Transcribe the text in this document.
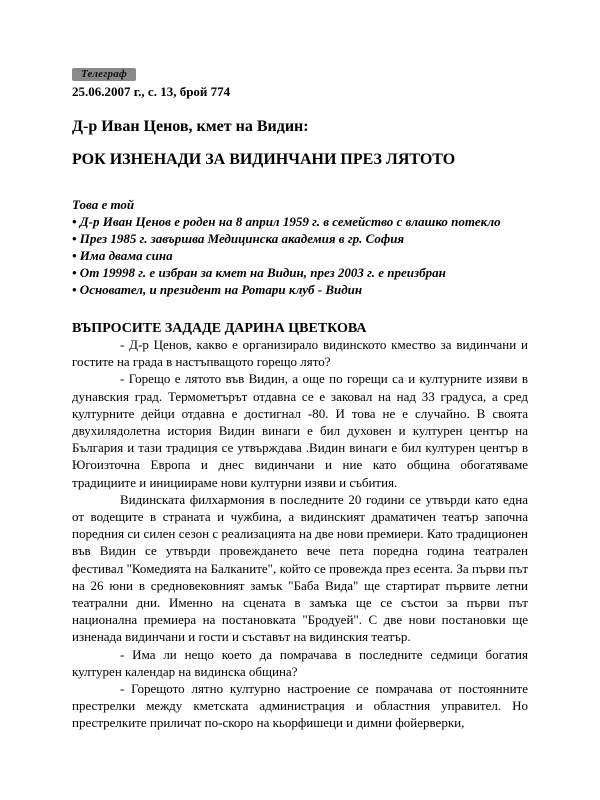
Телеграф
25.06.2007 г., с. 13, брой 774
Д-р Иван Ценов, кмет на Видин:
РОК ИЗНЕНАДИ ЗА ВИДИНЧАНИ ПРЕЗ ЛЯТОТО
Това е той
• Д-р Иван Ценов е роден на 8 април 1959 г. в семейство с влашко потекло
• През 1985 г. завършва Медицинска академия в гр. София
• Има двама сина
• От 19998 г. е избран за кмет на Видин, през 2003 г. е преизбран
• Основател, и президент на Ротари клуб - Видин
ВЪПРОСИТЕ ЗАДАДЕ ДАРИНА ЦВЕТКОВА

- Д-р Ценов, какво е организирало видинското кмество за видинчани и гостите на града в настъпващото горещо лято?

- Горещо е лятото във Видин, а още по горещи са и културните изяви в дунавския град. Термометърът отдавна се е заковал на над 33 градуса, а сред културните дейци отдавна е достигнал -80. И това не е случайно. В своята двухилядолетна история Видин винаги е бил духовен и културен център на България и тази традиция се утвърждава .Видин винаги е бил културен център в Югоизточна Европа и днес видинчани и ние като община обогатяваме традициите и инициираме нови културни изяви и събития.

Видинската филхармония в последните 20 години се утвърди като една от водещите в страната и чужбина, а видинският драматичен театър започна поредния си силен сезон с реализацията на две нови премиери. Като традиционен във Видин се утвърди провеждането вече пета поредна година театрален фестивал "Комедията на Балканите", който се провежда през есента. За първи път на 26 юни в средновековният замък "Баба Вида" ще стартират първите летни театрални дни. Именно на сцената в замъка ще се състои за първи път национална премиера на постановката "Бродуей". С две нови постановки ще изненада видинчани и гости и съставът на видинския театър.

- Има ли нещо което да помрачава в последните седмици богатия културен календар на видинска община?

- Горещото лятно културно настроение се помрачава от постоянните престрелки между кметската администрация и областния управител. Но престрелките приличат по-скоро на кьорфишеци и димни фойерверки,
